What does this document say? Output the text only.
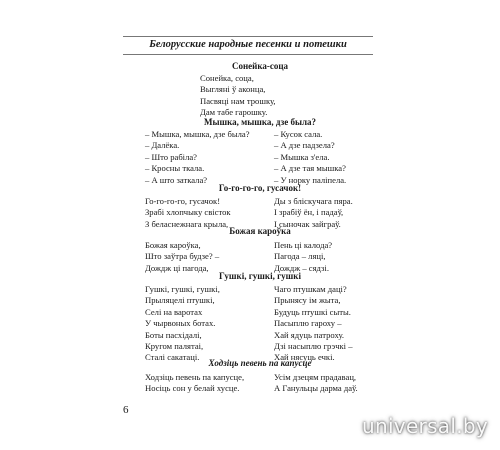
Белорусские народные песенки и потешки
Сонейка-соца
Сонейка, соца,
Выглянi ў аконца,
Пасвяцi нам трошку,
Дам табе гарошку.
Мышка, мышка, дзе была?
– Мышка, мышка, дзе была?
– Далёка.
– Што рабiла?
– Кросны ткала.
– А што заткала?
– Кусок сала.
– А дзе падзела?
– Мышка з'ела.
– А дзе тая мышка?
– У норку палiпела.
Го-го-го-го, гусачок!
Го-го-го-го, гусачок!
Зрабi хлопчыку свiсток
З беласнежнага крыла,
Ды з блiскучага пяра.
I зрабiў ён, i падаў,
I сыночак зайграў.
Божая кароўка
Божая кароўка,
Што заўтра будзе? –
Дождж цi пагода,
Пень цi калода?
Пагода – ляці,
Дождж – сядзі.
Гушкi, гушкi, гушкi
Гушкi, гушкi, гушкi,
Прыляцелi птушкi,
Селi на варотах
У чырвоных ботах.
Боты пасхiдалi,
Кругом палятаi,
Сталi сакатацi.
Чаго птушкам даці?
Прынясу iм жыта,
Будуць птушкi сыты.
Пасыплю гароху –
Хай ядуць патроху.
Дзi насыплю грэчкi –
Хай нясуць ечкi.
Ходзiць певень па капусце
Ходзiць певень па капусце,
Носiць сон у белай хусце.
Усiм дзецям прадавац,
А Ганульцы дарма даў.
6
universal.by
